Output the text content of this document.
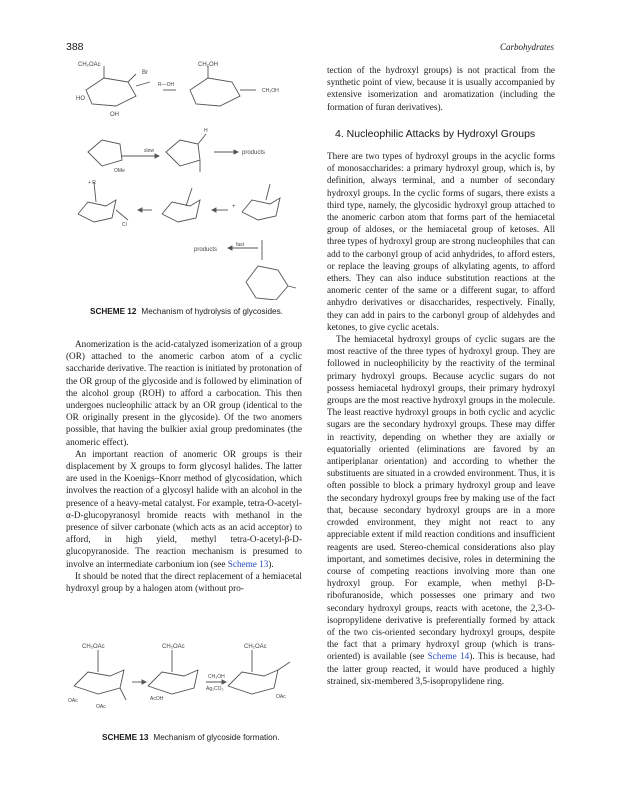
388	Carbohydrates
CH₂OAc
Br
HO
OH
R—OH
CH₂OH
CH₃OH
OMe
slow
H
products
Cl
+ R
+
products
fast
SCHEME 12 Mechanism of hydrolysis of glycosides.

Anomerization is the acid-catalyzed isomerization of a group (OR) attached to the anomeric carbon atom of a cyclic saccharide derivative. The reaction is initiated by protonation of the OR group of the glycoside and is followed by elimination of the alcohol group (ROH) to afford a carbocation. This then undergoes nucleophilic attack by an OR group (identical to the OR originally present in the glycoside). Of the two anomers possible, that having the bulkier axial group predominates (the anomeric effect).

An important reaction of anomeric OR groups is their displacement by X groups to form glycosyl halides. The latter are used in the Koenigs–Knorr method of glycosidation, which involves the reaction of a glycosyl halide with an alcohol in the presence of a heavy-metal catalyst. For example, tetra-O-acetyl-α-D-glucopyranosyl bromide reacts with methanol in the presence of silver carbonate (which acts as an acid acceptor) to afford, in high yield, methyl tetra-O-acetyl-β-D-glucopyranoside. The reaction mechanism is presumed to involve an intermediate carbonium ion (see Scheme 13).

It should be noted that the direct replacement of a hemiacetal hydroxyl group by a halogen atom (without pro-

CH₂OAc	CH₂OAc	CH₂OAc
OAc
OAc
AcOH
CH₃OH
Ag₂CO₃
OAc
SCHEME 13 Mechanism of glycoside formation.

tection of the hydroxyl groups) is not practical from the synthetic point of view, because it is usually accompanied by extensive isomerization and aromatization (including the formation of furan derivatives).

4. Nucleophilic Attacks by Hydroxyl Groups

There are two types of hydroxyl groups in the acyclic forms of monosaccharides: a primary hydroxyl group, which is, by definition, always terminal, and a number of secondary hydroxyl groups. In the cyclic forms of sugars, there exists a third type, namely, the glycosidic hydroxyl group attached to the anomeric carbon atom that forms part of the hemiacetal group of aldoses, or the hemiacetal group of ketoses. All three types of hydroxyl group are strong nucleophiles that can add to the carbonyl group of acid anhydrides, to afford esters, or replace the leaving groups of alkylating agents, to afford ethers. They can also induce substitution reactions at the anomeric center of the same or a different sugar, to afford anhydro derivatives or disaccharides, respectively. Finally, they can add in pairs to the carbonyl group of aldehydes and ketones, to give cyclic acetals.

The hemiacetal hydroxyl groups of cyclic sugars are the most reactive of the three types of hydroxyl group. They are followed in nucleophilicity by the reactivity of the terminal primary hydroxyl groups. Because acyclic sugars do not possess hemiacetal hydroxyl groups, their primary hydroxyl groups are the most reactive hydroxyl groups in the molecule. The least reactive hydroxyl groups in both cyclic and acyclic sugars are the secondary hydroxyl groups. These may differ in reactivity, depending on whether they are axially or equatorially oriented (eliminations are favored by an antiperiplanar orientation) and according to whether the substituents are situated in a crowded environment. Thus, it is often possible to block a primary hydroxyl group and leave the secondary hydroxyl groups free by making use of the fact that, because secondary hydroxyl groups are in a more crowded environment, they might not react to any appreciable extent if mild reaction conditions and insufficient reagents are used. Stereo-chemical considerations also play important, and sometimes decisive, roles in determining the course of competing reactions involving more than one hydroxyl group. For example, when methyl β-D-ribofuranoside, which possesses one primary and two secondary hydroxyl groups, reacts with acetone, the 2,3-O-isopropylidene derivative is preferentially formed by attack of the two cis-oriented secondary hydroxyl groups, despite the fact that a primary hydroxyl group (which is trans-oriented) is available (see Scheme 14). This is because, had the latter group reacted, it would have produced a highly strained, six-membered 3,5-isopropylidene ring.
